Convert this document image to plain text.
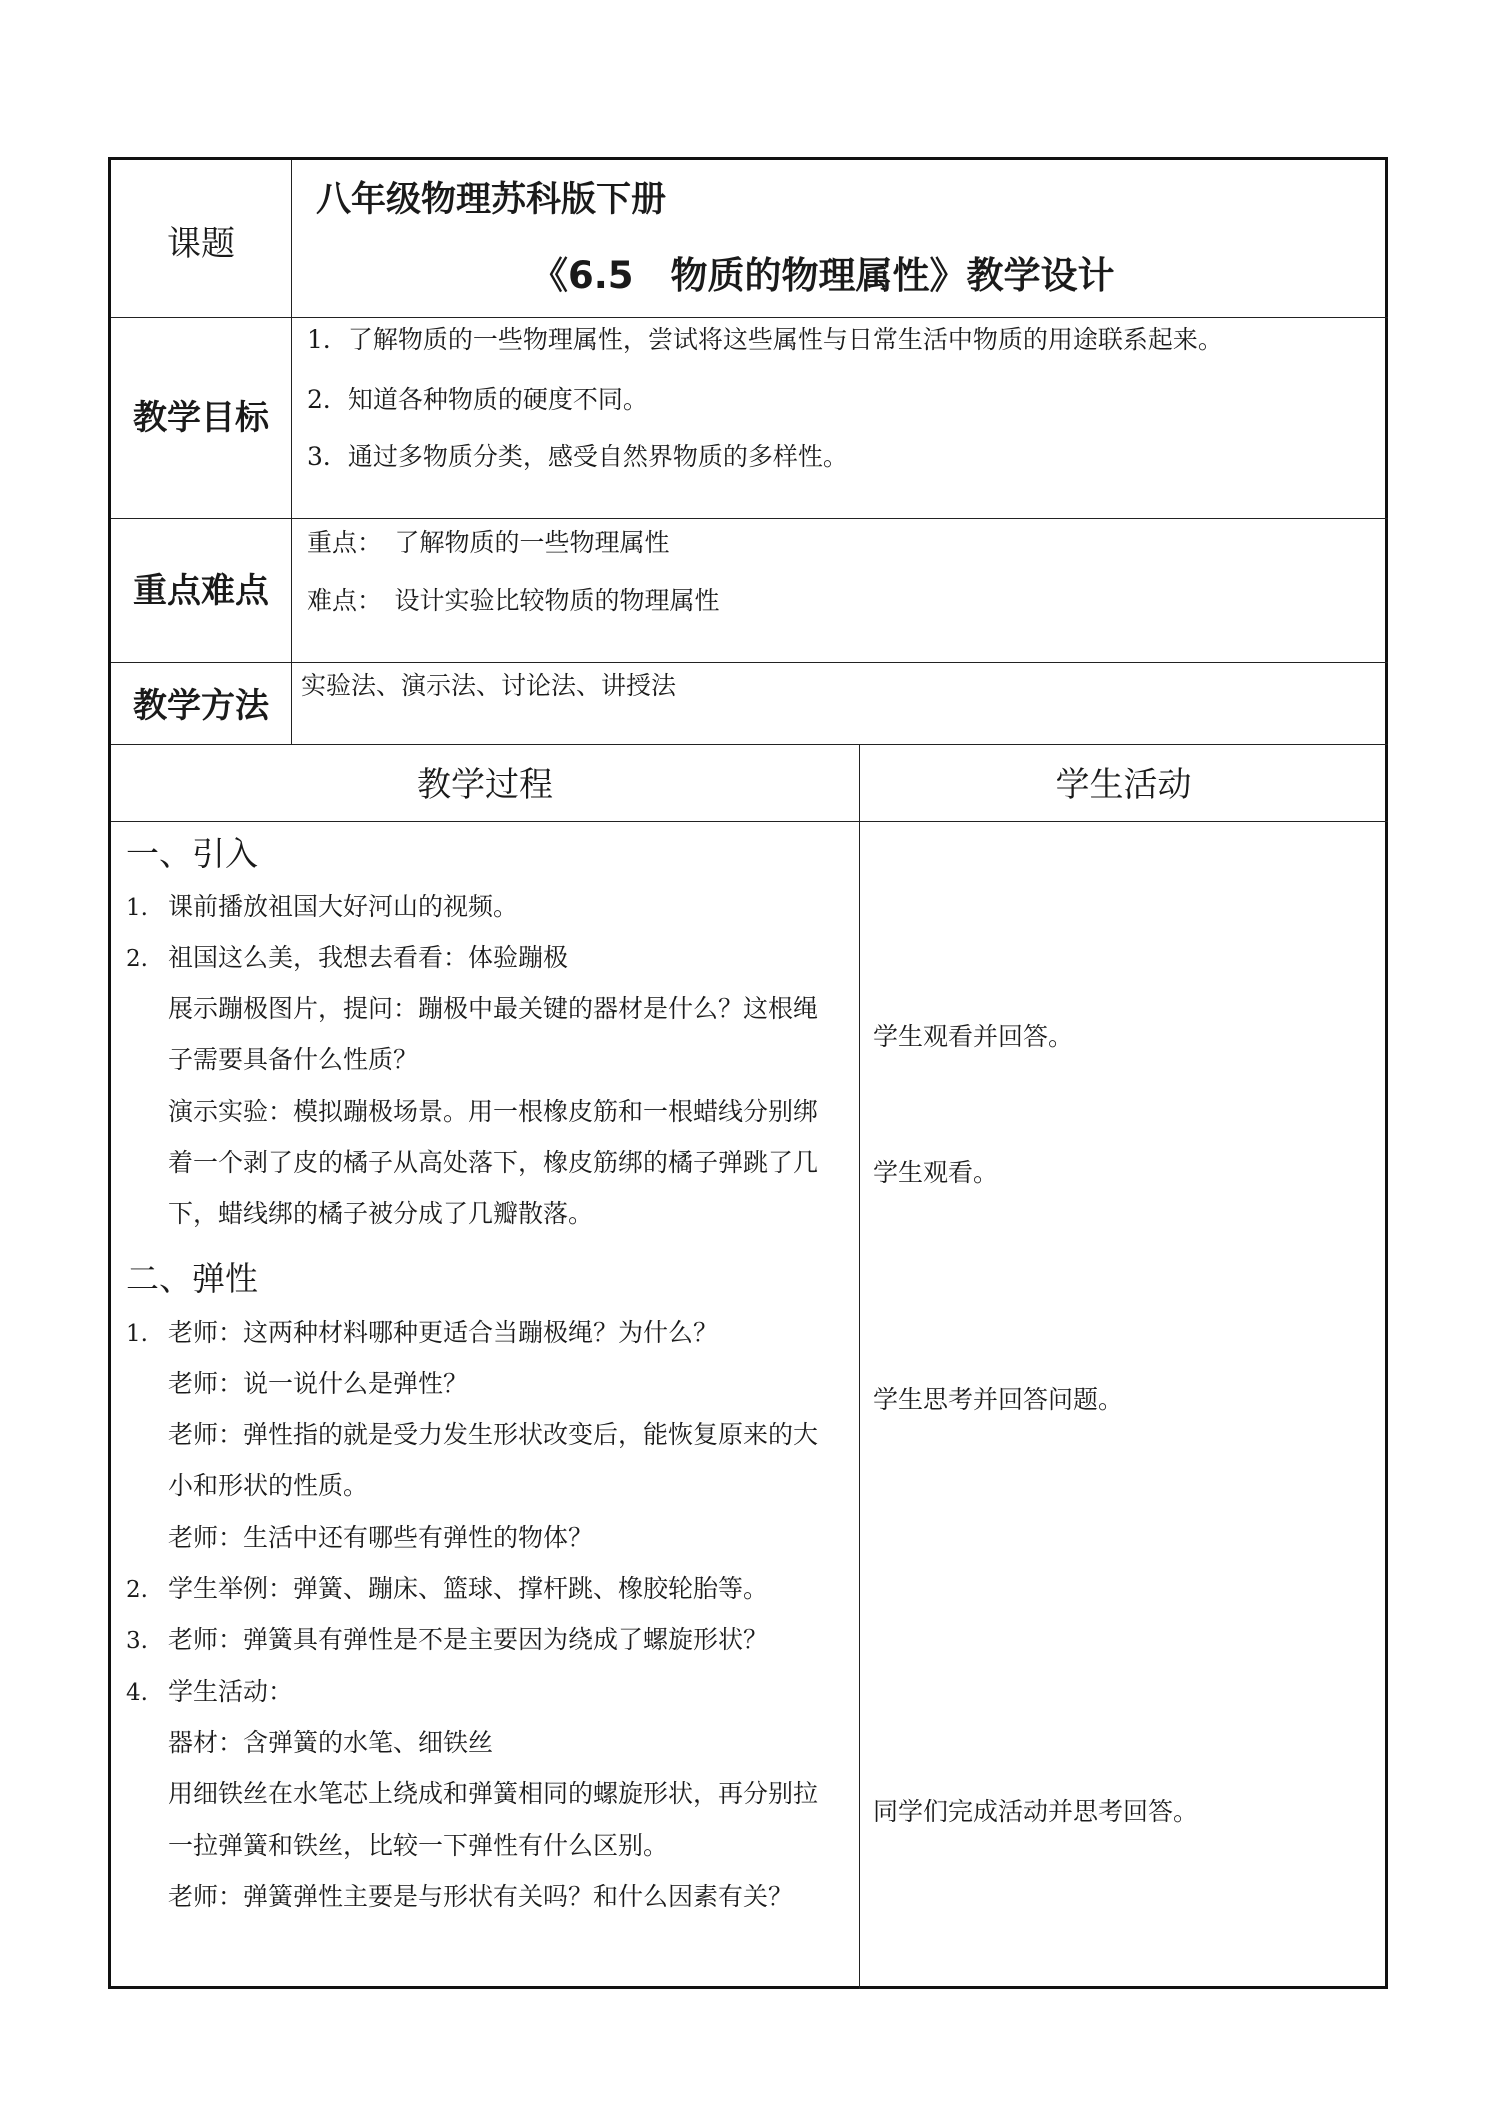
课题
八年级物理苏科版下册
《6.5　物质的物理属性》教学设计
教学目标
1．了解物质的一些物理属性，尝试将这些属性与日常生活中物质的用途联系起来。
2．知道各种物质的硬度不同。
3．通过多物质分类，感受自然界物质的多样性。
重点难点
重点：　了解物质的一些物理属性
难点：　设计实验比较物质的物理属性
教学方法
实验法、演示法、讨论法、讲授法
教学过程	学生活动
一、引入
1. 课前播放祖国大好河山的视频。
2. 祖国这么美，我想去看看：体验蹦极
展示蹦极图片，提问：蹦极中最关键的器材是什么？这根绳
子需要具备什么性质？
演示实验：模拟蹦极场景。用一根橡皮筋和一根蜡线分别绑
着一个剥了皮的橘子从高处落下，橡皮筋绑的橘子弹跳了几
下，蜡线绑的橘子被分成了几瓣散落。
二、弹性
1. 老师：这两种材料哪种更适合当蹦极绳？为什么？
老师：说一说什么是弹性？
老师：弹性指的就是受力发生形状改变后，能恢复原来的大
小和形状的性质。
老师：生活中还有哪些有弹性的物体？
2. 学生举例：弹簧、蹦床、篮球、撑杆跳、橡胶轮胎等。
3. 老师：弹簧具有弹性是不是主要因为绕成了螺旋形状？
4. 学生活动：
器材：含弹簧的水笔、细铁丝
用细铁丝在水笔芯上绕成和弹簧相同的螺旋形状，再分别拉
一拉弹簧和铁丝，比较一下弹性有什么区别。
老师：弹簧弹性主要是与形状有关吗？和什么因素有关？
学生观看并回答。
学生观看。
学生思考并回答问题。
同学们完成活动并思考回答。
